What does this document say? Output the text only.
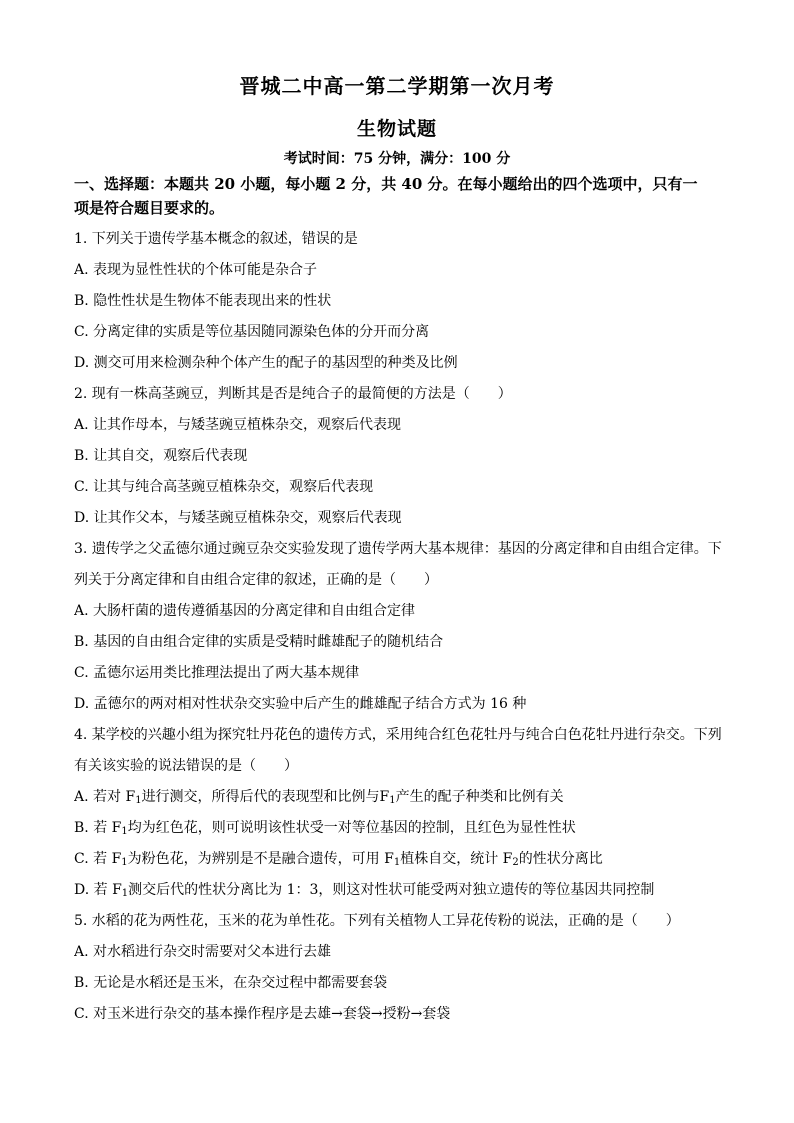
晋城二中高一第二学期第一次月考
生物试题
考试时间：75 分钟，满分：100 分
一、选择题：本题共 20 小题，每小题 2 分，共 40 分。在每小题给出的四个选项中，只有一
项是符合题目要求的。
1. 下列关于遗传学基本概念的叙述，错误的是
A. 表现为显性性状的个体可能是杂合子
B. 隐性性状是生物体不能表现出来的性状
C. 分离定律的实质是等位基因随同源染色体的分开而分离
D. 测交可用来检测杂种个体产生的配子的基因型的种类及比例
2. 现有一株高茎豌豆，判断其是否是纯合子的最简便的方法是（　　）
A. 让其作母本，与矮茎豌豆植株杂交，观察后代表现
B. 让其自交，观察后代表现
C. 让其与纯合高茎豌豆植株杂交，观察后代表现
D. 让其作父本，与矮茎豌豆植株杂交，观察后代表现
3. 遗传学之父孟德尔通过豌豆杂交实验发现了遗传学两大基本规律：基因的分离定律和自由组合定律。下
列关于分离定律和自由组合定律的叙述，正确的是（　　）
A. 大肠杆菌的遗传遵循基因的分离定律和自由组合定律
B. 基因的自由组合定律的实质是受精时雌雄配子的随机结合
C. 孟德尔运用类比推理法提出了两大基本规律
D. 孟德尔的两对相对性状杂交实验中后产生的雌雄配子结合方式为 16 种
4. 某学校的兴趣小组为探究牡丹花色的遗传方式，采用纯合红色花牡丹与纯合白色花牡丹进行杂交。下列
有关该实验的说法错误的是（　　）
A. 若对 $F_1$进行测交，所得后代的表现型和比例与$F_1$产生的配子种类和比例有关
B. 若 $F_1$均为红色花，则可说明该性状受一对等位基因的控制，且红色为显性性状
C. 若 $F_1$为粉色花，为辨别是不是融合遗传，可用 $F_1$植株自交，统计 $F_2$的性状分离比
D. 若 $F_1$测交后代的性状分离比为 1：3，则这对性状可能受两对独立遗传的等位基因共同控制
5. 水稻的花为两性花，玉米的花为单性花。下列有关植物人工异花传粉的说法，正确的是（　　）
A. 对水稻进行杂交时需要对父本进行去雄
B. 无论是水稻还是玉米，在杂交过程中都需要套袋
C. 对玉米进行杂交的基本操作程序是去雄→套袋→授粉→套袋
